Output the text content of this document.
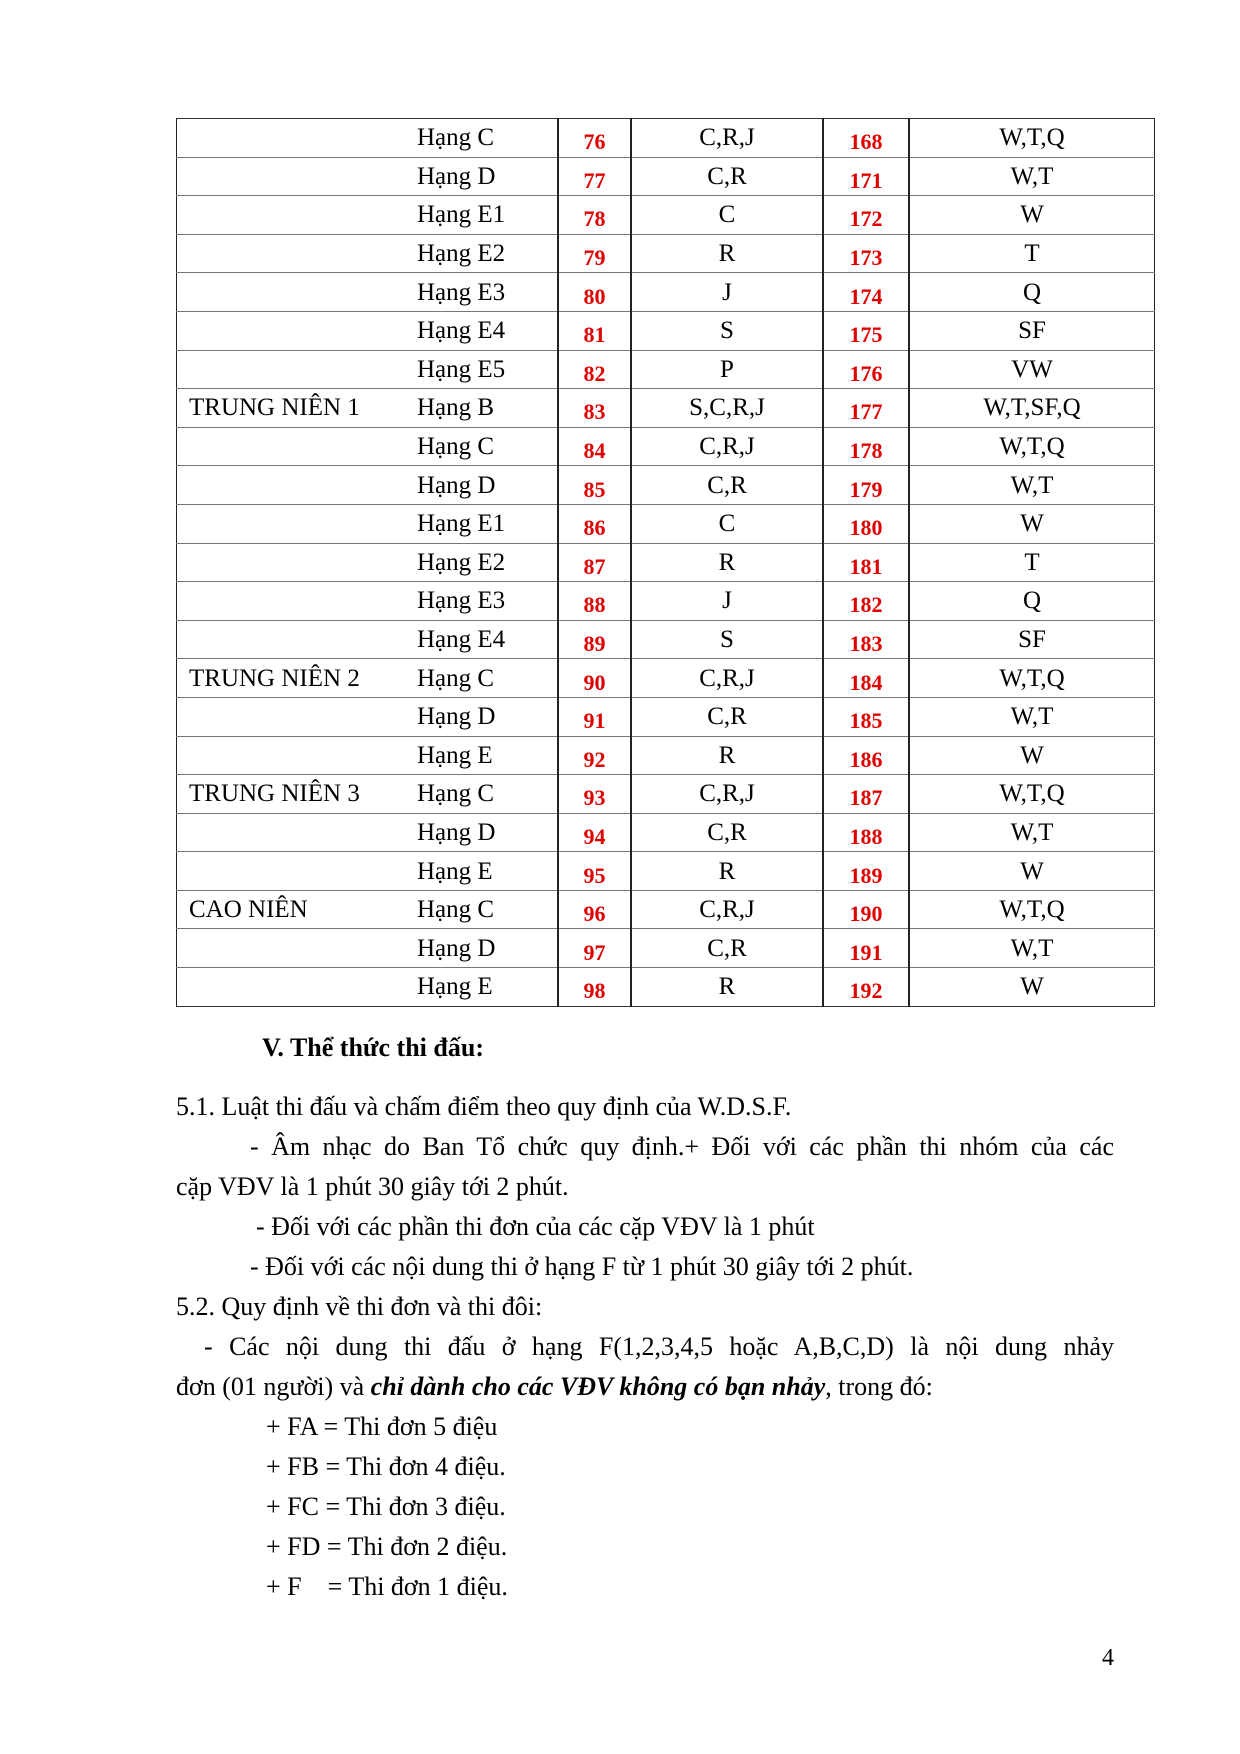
	Hạng C	76	C,R,J	168	W,T,Q
	Hạng D	77	C,R	171	W,T
	Hạng E1	78	C	172	W
	Hạng E2	79	R	173	T
	Hạng E3	80	J	174	Q
	Hạng E4	81	S	175	SF
	Hạng E5	82	P	176	VW
TRUNG NIÊN 1	Hạng B	83	S,C,R,J	177	W,T,SF,Q
	Hạng C	84	C,R,J	178	W,T,Q
	Hạng D	85	C,R	179	W,T
	Hạng E1	86	C	180	W
	Hạng E2	87	R	181	T
	Hạng E3	88	J	182	Q
	Hạng E4	89	S	183	SF
TRUNG NIÊN 2	Hạng C	90	C,R,J	184	W,T,Q
	Hạng D	91	C,R	185	W,T
	Hạng E	92	R	186	W
TRUNG NIÊN 3	Hạng C	93	C,R,J	187	W,T,Q
	Hạng D	94	C,R	188	W,T
	Hạng E	95	R	189	W
CAO NIÊN	Hạng C	96	C,R,J	190	W,T,Q
	Hạng D	97	C,R	191	W,T
	Hạng E	98	R	192	W
V. Thể thức thi đấu:
5.1. Luật thi đấu và chấm điểm theo quy định của W.D.S.F.
- Âm nhạc do Ban Tổ chức quy định.+ Đối với các phần thi nhóm của các
cặp VĐV là 1 phút 30 giây tới 2 phút.
- Đối với các phần thi đơn của các cặp VĐV là 1 phút
- Đối với các nội dung thi ở hạng F từ 1 phút 30 giây tới 2 phút.
5.2. Quy định về thi đơn và thi đôi:
- Các nội dung thi đấu ở hạng F(1,2,3,4,5 hoặc A,B,C,D) là nội dung nhảy
đơn (01 người) và chỉ dành cho các VĐV không có bạn nhảy, trong đó:
+ FA = Thi đơn 5 điệu
+ FB = Thi đơn 4 điệu.
+ FC = Thi đơn 3 điệu.
+ FD = Thi đơn 2 điệu.
+ F    = Thi đơn 1 điệu.
4
